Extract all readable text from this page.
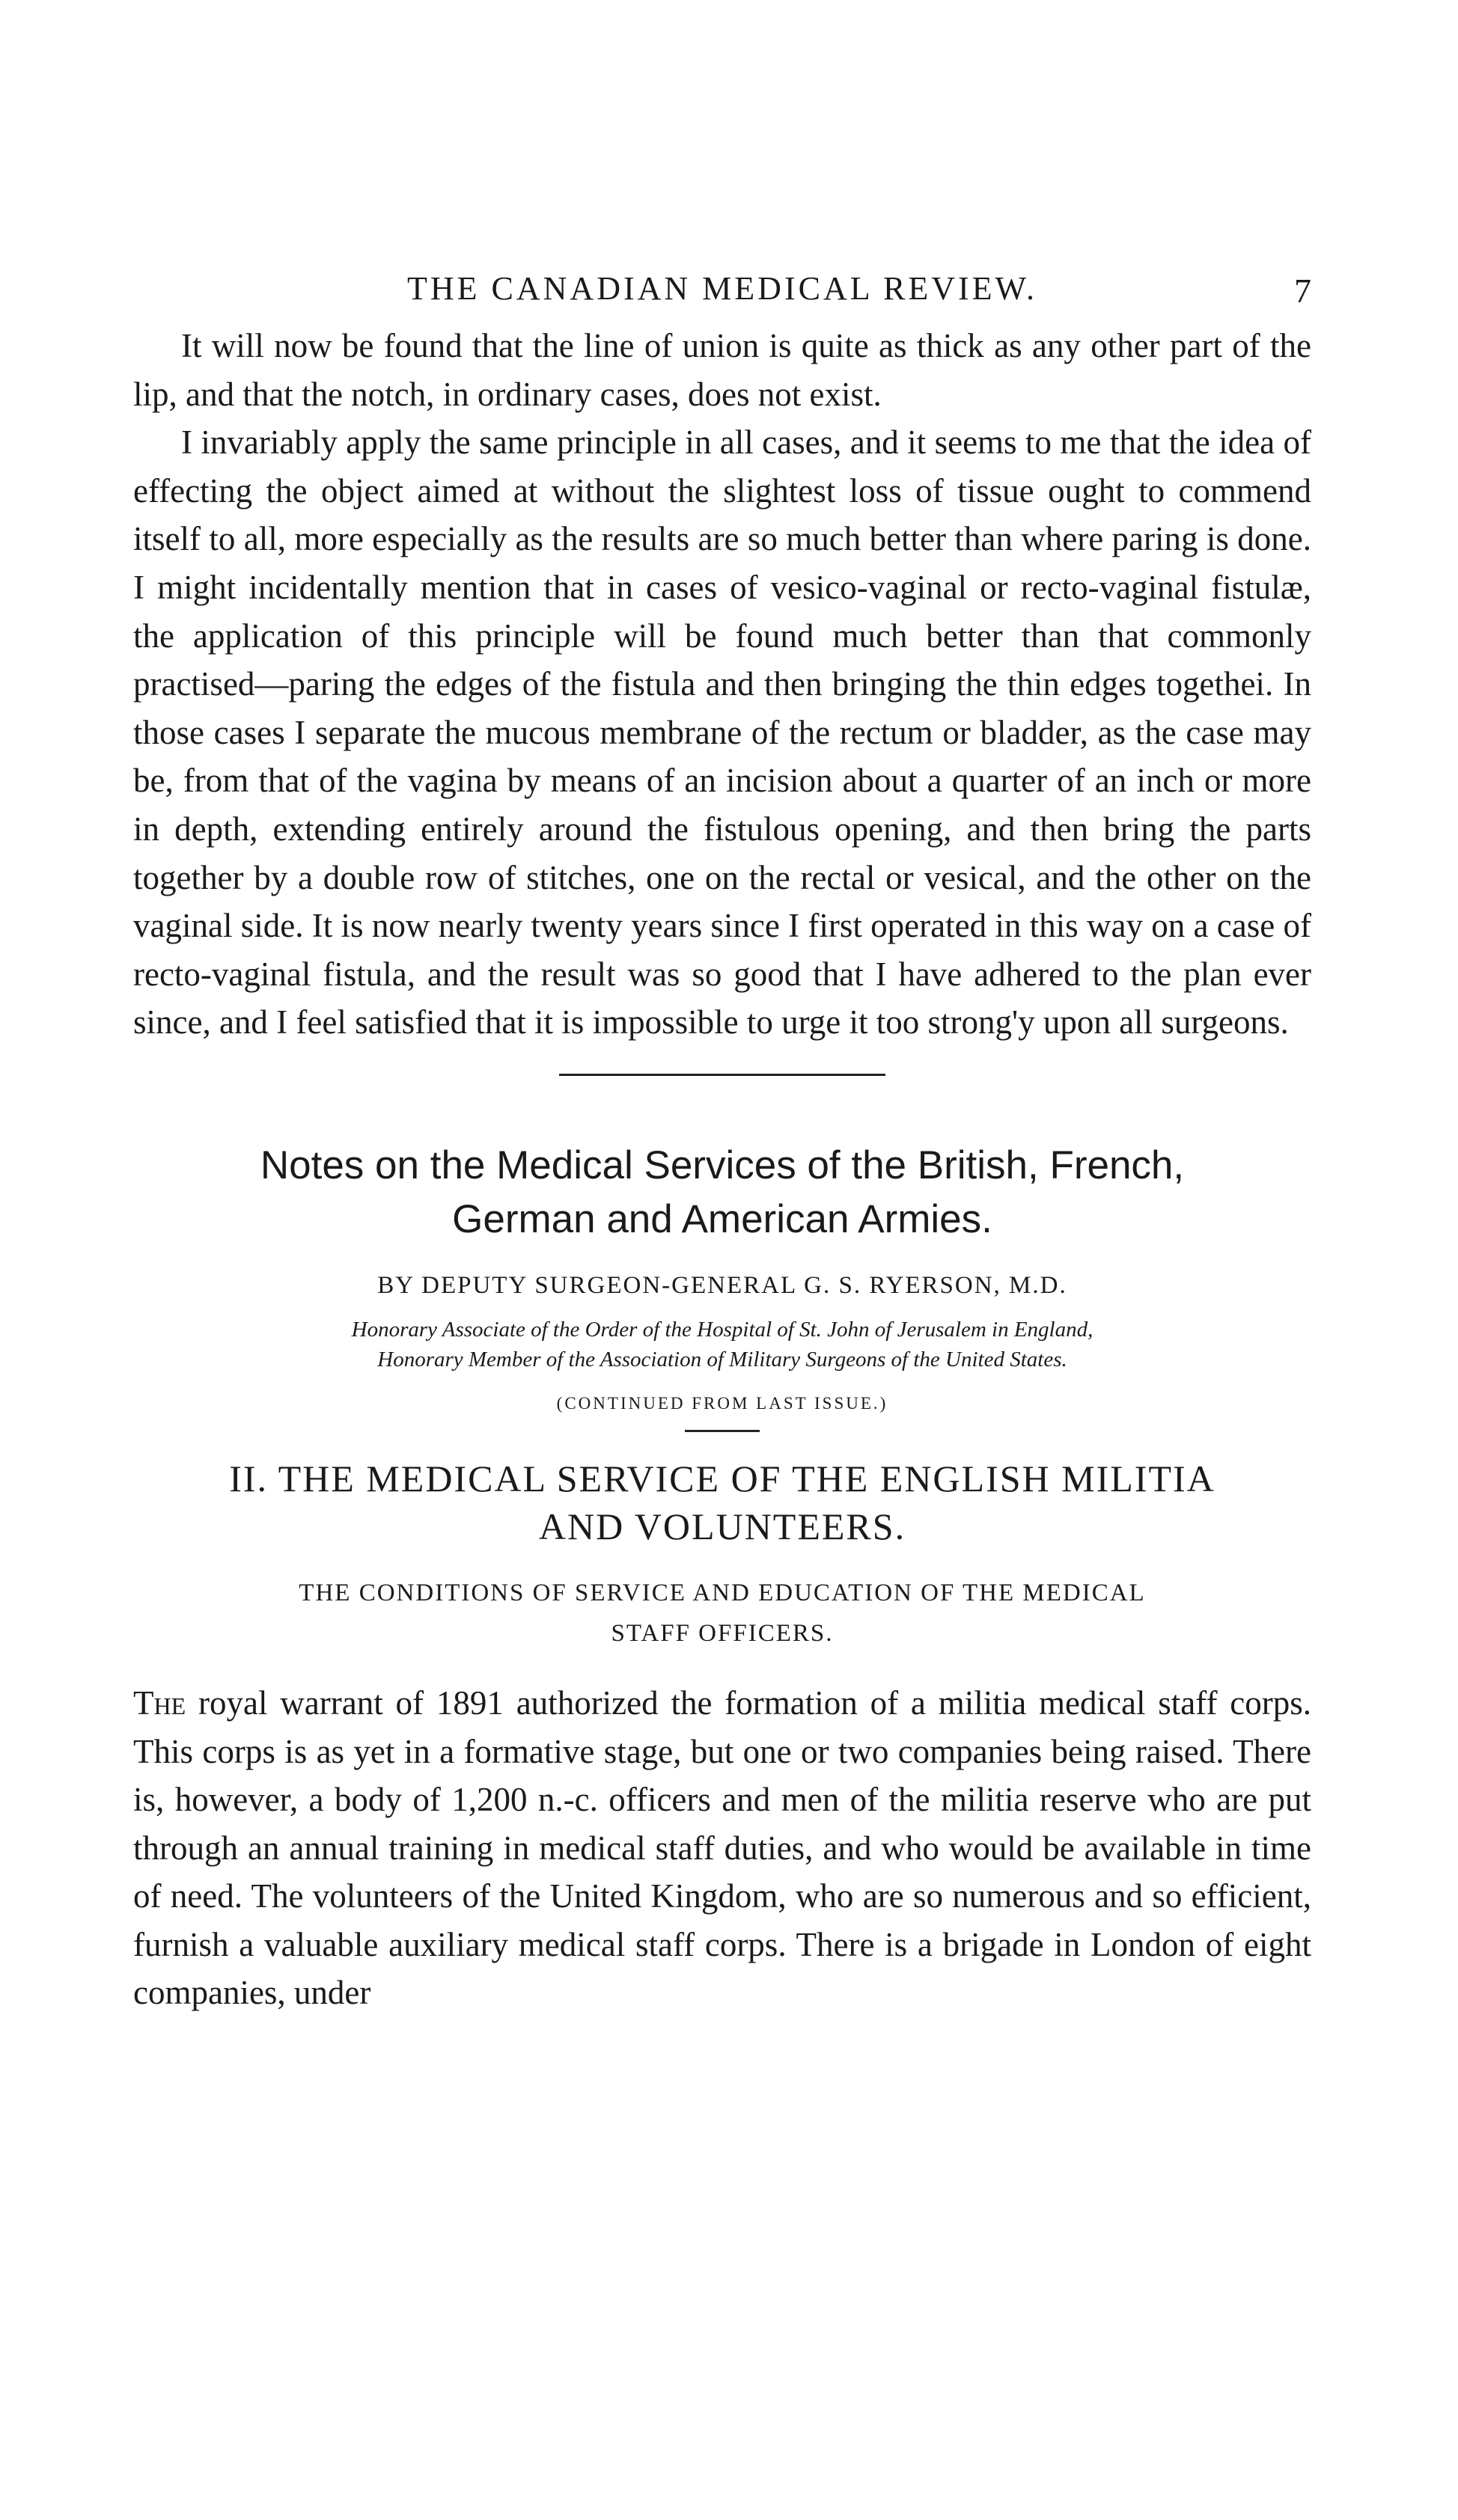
THE CANADIAN MEDICAL REVIEW.	7

It will now be found that the line of union is quite as thick as any other part of the lip, and that the notch, in ordinary cases, does not exist.

I invariably apply the same principle in all cases, and it seems to me that the idea of effecting the object aimed at without the slightest loss of tissue ought to commend itself to all, more especially as the results are so much better than where paring is done. I might incidentally mention that in cases of vesico-vaginal or recto-vaginal fistulæ, the application of this principle will be found much better than that commonly practised—paring the edges of the fistula and then bringing the thin edges togethei. In those cases I separate the mucous membrane of the rectum or bladder, as the case may be, from that of the vagina by means of an incision about a quarter of an inch or more in depth, extending entirely around the fistulous opening, and then bring the parts together by a double row of stitches, one on the rectal or vesical, and the other on the vaginal side. It is now nearly twenty years since I first operated in this way on a case of recto-vaginal fistula, and the result was so good that I have adhered to the plan ever since, and I feel satisfied that it is impossible to urge it too strong'y upon all surgeons.

Notes on the Medical Services of the British, French,
German and American Armies.
BY DEPUTY SURGEON-GENERAL G. S. RYERSON, M.D.
Honorary Associate of the Order of the Hospital of St. John of Jerusalem in England,
Honorary Member of the Association of Military Surgeons of the United States.
(CONTINUED FROM LAST ISSUE.)
II. THE MEDICAL SERVICE OF THE ENGLISH MILITIA
AND VOLUNTEERS.
THE CONDITIONS OF SERVICE AND EDUCATION OF THE MEDICAL
STAFF OFFICERS.

The royal warrant of 1891 authorized the formation of a militia medical staff corps. This corps is as yet in a formative stage, but one or two companies being raised. There is, however, a body of 1,200 n.-c. officers and men of the militia reserve who are put through an annual training in medical staff duties, and who would be available in time of need. The volunteers of the United Kingdom, who are so numerous and so efficient, furnish a valuable auxiliary medical staff corps. There is a brigade in London of eight companies, under
